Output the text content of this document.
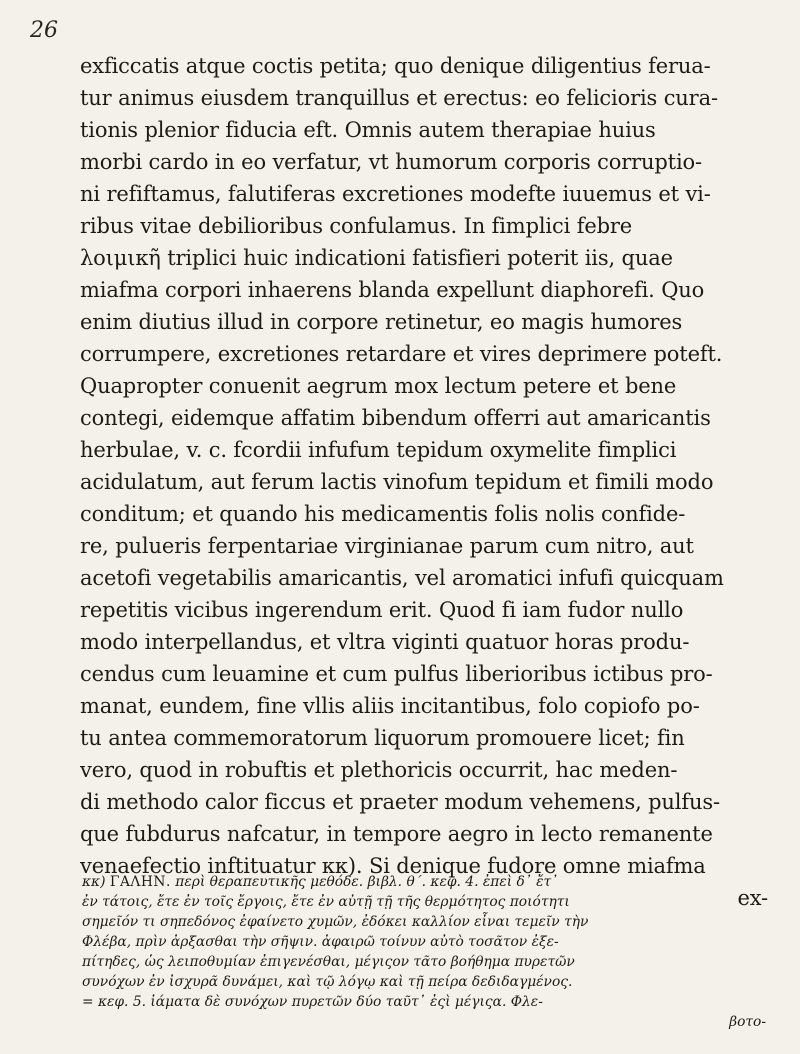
26
exficcatis atque coctis petita; quo denique diligentius ferua-
tur animus eiusdem tranquillus et erectus: eo felicioris cura-
tionis plenior fiducia eft. Omnis autem therapiae huius
morbi cardo in eo verfatur, vt humorum corporis corruptio-
ni refiftamus, falutiferas excretiones modefte iuuemus et vi-
ribus vitae debilioribus confulamus. In fimplici febre
λοιμικῆ triplici huic indicationi fatisfieri poterit iis, quae
miafma corpori inhaerens blanda expellunt diaphorefi. Quo
enim diutius illud in corpore retinetur, eo magis humores
corrumpere, excretiones retardare et vires deprimere poteft.
Quapropter conuenit aegrum mox lectum petere et bene
contegi, eidemque affatim bibendum offerri aut amaricantis
herbulae, v. c. fcordii infufum tepidum oxymelite fimplici
acidulatum, aut ferum lactis vinofum tepidum et fimili modo
conditum; et quando his medicamentis folis nolis confide-
re, pulueris ferpentariae virginianae parum cum nitro, aut
acetofi vegetabilis amaricantis, vel aromatici infufi quicquam
repetitis vicibus ingerendum erit. Quod fi iam fudor nullo
modo interpellandus, et vltra viginti quatuor horas produ-
cendus cum leuamine et cum pulfus liberioribus ictibus pro-
manat, eundem, fine vllis aliis incitantibus, folo copiofo po-
tu antea commemoratorum liquorum promouere licet; fin
vero, quod in robuftis et plethoricis occurrit, hac meden-
di methodo calor ficcus et praeter modum vehemens, pulfus-
que fubdurus nafcatur, in tempore aegro in lecto remanente
venaefectio inftituatur κκ). Si denique fudore omne miafma
ex-
κκ) ΓΑΛΗΝ. περὶ θεραπευτικῆς μεθόδε. βιβλ. θ΄. κεφ. 4. ἐπεὶ δ᾽ ἔτ᾽
ἐν τάτοις, ἔτε ἐν τοῖς ἔργοις, ἔτε ἐν αὐτῇ τῇ τῆς θερμότητος ποιότητι
σημεῖόν τι σηπεδόνος ἐφαίνετο χυμῶν, ἐδόκει καλλίον εἶναι τεμεῖν τὴν
Φλέβα, πρὶν ἀρξασθαι τὴν σῆψιν. ἀφαιρῶ τοίνυν αὐτὸ τοσᾶτον ἐξε-
πίτηδες, ὡς λειποθυμίαν ἐπιγενέσθαι, μέγιςον τᾶτο βοήθημα πυρετῶν
συνόχων ἐν ἰσχυρᾶ δυνάμει, καὶ τῷ λόγῳ καὶ τῇ πείρα δεδιδαγμένος.
= κεφ. 5. ἰάματα δὲ συνόχων πυρετῶν δύο ταῦτ᾽ ἐςὶ μέγιςα. Φλε-
βοτο-
